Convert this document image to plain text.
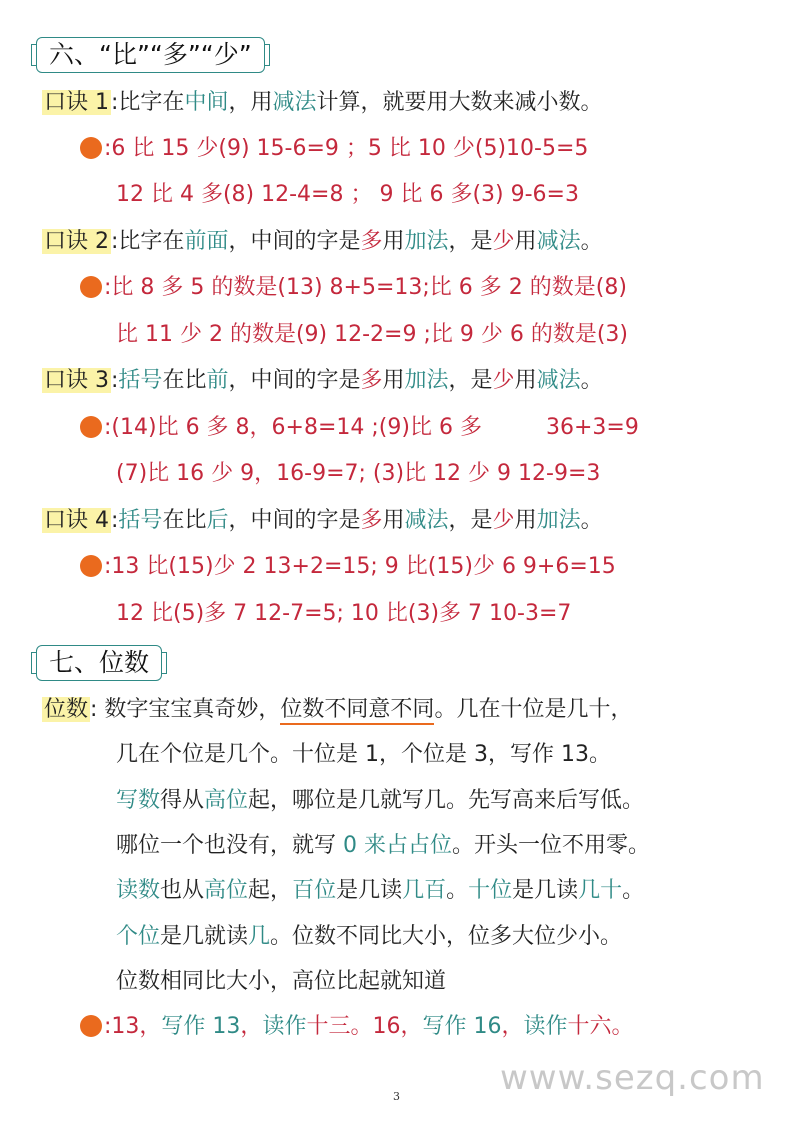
六、“比”“多”“少”
口诀 1:比字在中间，用减法计算，就要用大数来减小数。
:6 比 15 少(9) 15-6=9 ；5 比 10 少(5)10-5=5
12 比 4 多(8) 12-4=8 ； 9 比 6 多(3) 9-6=3
口诀 2:比字在前面，中间的字是多用加法，是少用减法。
:比 8 多 5 的数是(13) 8+5=13;比 6 多 2 的数是(8)
比 11 少 2 的数是(9) 12-2=9 ;比 9 少 6 的数是(3)
口诀 3:括号在比前，中间的字是多用加法，是少用减法。
:(14)比 6 多 8，6+8=14 ;(9)比 6 多	36+3=9
(7)比 16 少 9，16-9=7; (3)比 12 少 9 12-9=3
口诀 4:括号在比后，中间的字是多用减法，是少用加法。
:13 比(15)少 2 13+2=15; 9 比(15)少 6 9+6=15
12 比(5)多 7 12-7=5; 10 比(3)多 7 10-3=7
七、位数
位数: 数字宝宝真奇妙，位数不同意不同。几在十位是几十，
几在个位是几个。十位是 1，个位是 3，写作 13。
写数得从高位起，哪位是几就写几。先写高来后写低。
哪位一个也没有，就写 0 来占占位。开头一位不用零。
读数也从高位起，百位是几读几百。十位是几读几十。
个位是几就读几。位数不同比大小，位多大位少小。
位数相同比大小，高位比起就知道
:13，写作 13，读作十三。16，写作 16，读作十六。
www.sezq.com
3
